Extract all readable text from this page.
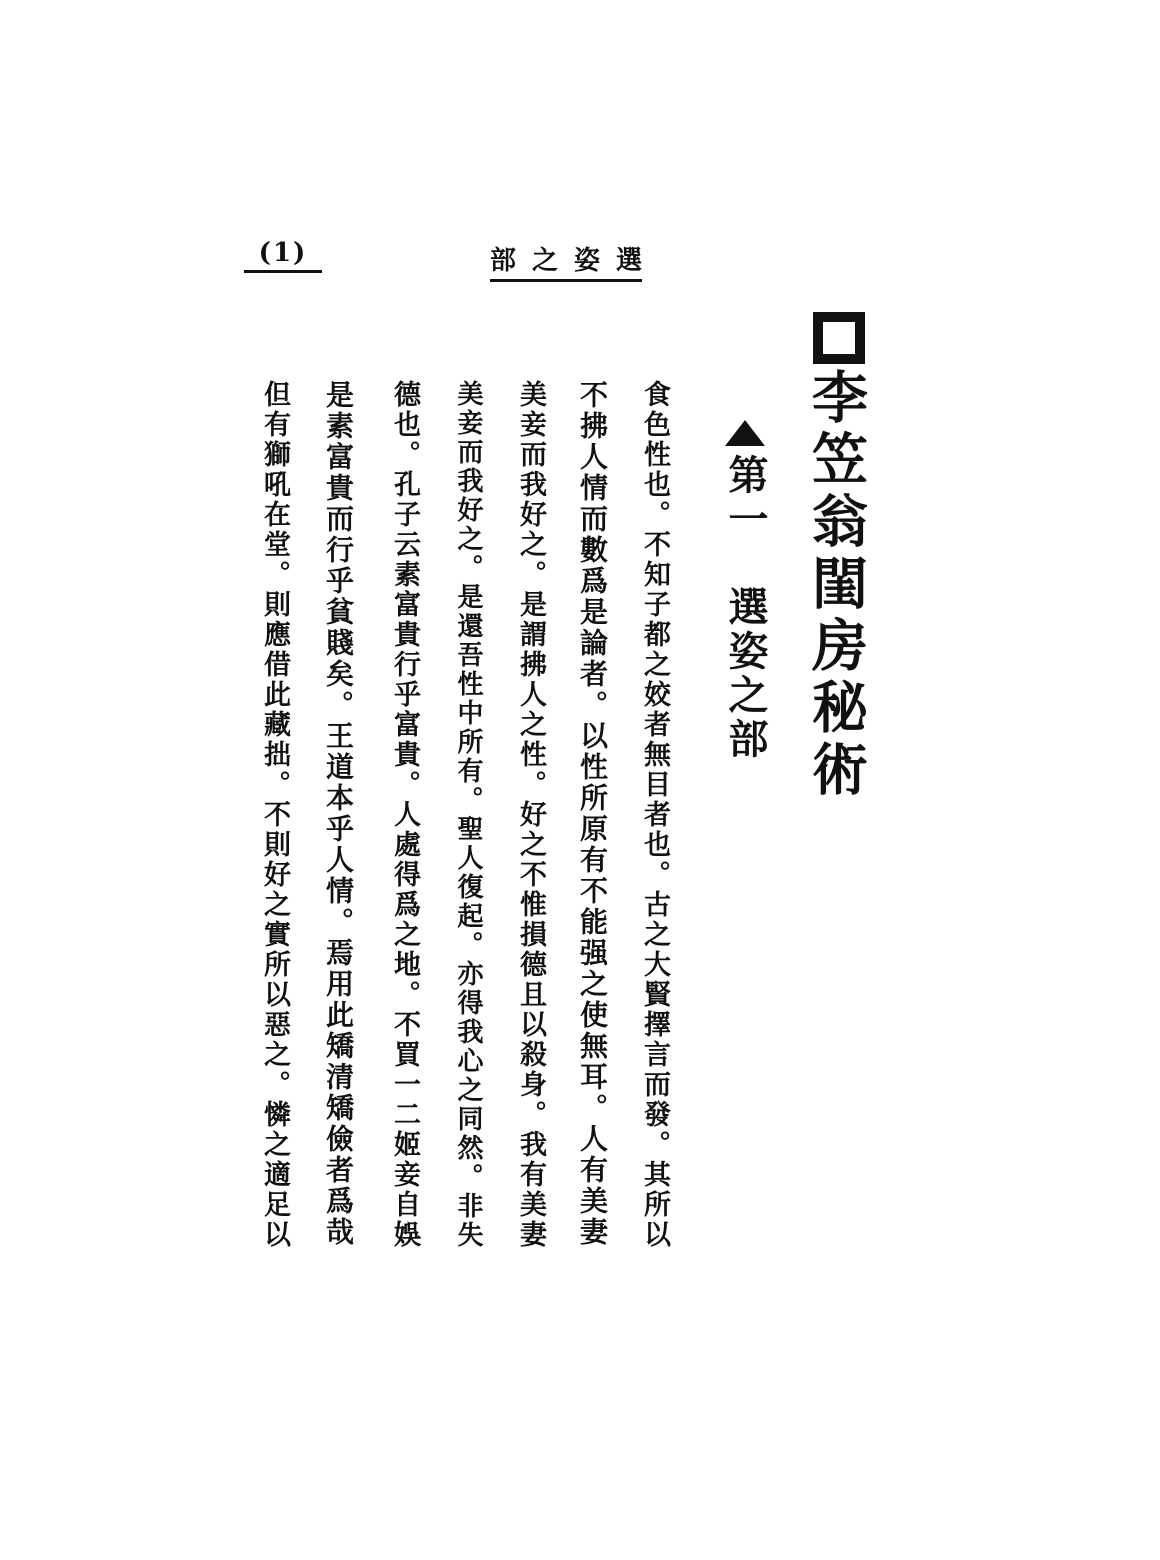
(1)	部 之 姿 選
李笠翁閨房秘術
第一　選姿之部
食色性也。不知子都之姣者無目者也。古之大賢擇言而發。其所以
不拂人情而數爲是論者。以性所原有不能强之使無耳。人有美妻
美妾而我好之。是謂拂人之性。好之不惟損德且以殺身。我有美妻
美妾而我好之。是還吾性中所有。聖人復起。亦得我心之同然。非失
德也。孔子云素富貴行乎富貴。人處得爲之地。不買一二姬妾自娛
是素富貴而行乎貧賤矣。王道本乎人情。焉用此矯清矯儉者爲哉
但有獅吼在堂。則應借此藏拙。不則好之實所以惡之。憐之適足以
